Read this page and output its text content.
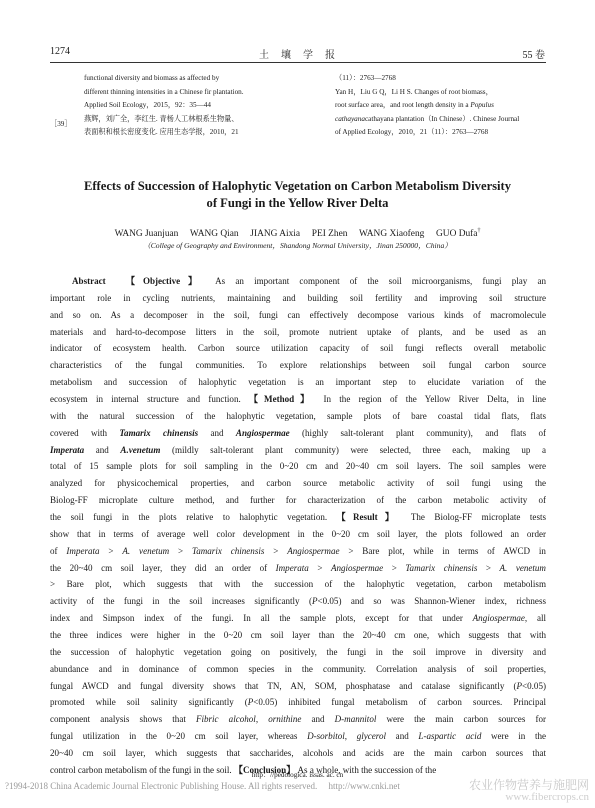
1274	土　壤　学　报	55 卷
［39］
functional diversity and biomass as affected by
different thinning intensities in a Chinese fir plantation.
Applied Soil Ecology，2015，92：35—44
燕辉，刘广全，李红生. 青杨人工林根系生物量、
表面积和根长密度变化. 应用生态学报，2010，21
（11）：2763—2768
Yan H，Liu G Q，Li H S. Changes of root biomass，
root surface area，and root length density in a Populus
cathayanacathayana plantation（In Chinese）. Chinese Journal
of Applied Ecology，2010，21（11）：2763—2768
Effects of Succession of Halophytic Vegetation on Carbon Metabolism Diversity
of Fungi in the Yellow River Delta
WANG Juanjuan　 WANG Qian　 JIANG Aixia　 PEI Zhen　 WANG Xiaofeng　 GUO Dufa†
（College of Geography and Environment，Shandong Normal University，Jinan 250000，China）
Abstract 【Objective】 As an important component of the soil microorganisms, fungi play an
important role in cycling nutrients, maintaining and building soil fertility and improving soil structure
and so on. As a decomposer in the soil, fungi can effectively decompose various kinds of macromolecule
materials and hard-to-decompose litters in the soil, promote nutrient uptake of plants, and be used as an
indicator of ecosystem health. Carbon source utilization capacity of soil fungi reflects overall metabolic
characteristics of the fungal communities. To explore relationships between soil fungal carbon source
metabolism and succession of halophytic vegetation is an important step to elucidate variation of the
ecosystem in internal structure and function. 【Method】 In the region of the Yellow River Delta, in line
with the natural succession of the halophytic vegetation, sample plots of bare coastal tidal flats, flats
covered with Tamarix chinensis and Angiospermae (highly salt-tolerant plant community), and flats of
Imperata and A.venetum (mildly salt-tolerant plant community) were selected, three each, making up a
total of 15 sample plots for soil sampling in the 0~20 cm and 20~40 cm soil layers. The soil samples were
analyzed for physicochemical properties, and carbon source metabolic activity of soil fungi using the
Biolog-FF microplate culture method, and further for characterization of the carbon metabolic activity of
the soil fungi in the plots relative to halophytic vegetation. 【Result】 The Biolog-FF microplate tests
show that in terms of average well color development in the 0~20 cm soil layer, the plots followed an order
of Imperata > A. venetum > Tamarix chinensis > Angiospermae > Bare plot, while in terms of AWCD in
the 20~40 cm soil layer, they did an order of Imperata > Angiospermae > Tamarix chinensis > A. venetum
> Bare plot, which suggests that with the succession of the halophytic vegetation, carbon metabolism
activity of the fungi in the soil increases significantly (P<0.05) and so was Shannon-Wiener index, richness
index and Simpson index of the fungi. In all the sample plots, except for that under Angiospermae, all
the three indices were higher in the 0~20 cm soil layer than the 20~40 cm one, which suggests that with
the succession of halophytic vegetation going on positively, the fungi in the soil improve in diversity and
abundance and in dominance of common species in the community. Correlation analysis of soil properties,
fungal AWCD and fungal diversity shows that TN, AN, SOM, phosphatase and catalase significantly (P<0.05)
promoted while soil salinity significantly (P<0.05) inhibited fungal metabolism of carbon sources. Principal
component analysis shows that Fibric alcohol, ornithine and D-mannitol were the main carbon sources for
fungal utilization in the 0~20 cm soil layer, whereas D-sorbitol, glycerol and L-aspartic acid were in the
20~40 cm soil layer, which suggests that saccharides, alcohols and acids are the main carbon sources that
control carbon metabolism of the fungi in the soil. 【Conclusion】 As a whole, with the succession of the
http：//pedologica. issas. ac. cn
?1994-2018 China Academic Journal Electronic Publishing House. All rights reserved.　 http://www.cnki.net	农业作物营养与施肥网
www.fibercrops.cn
